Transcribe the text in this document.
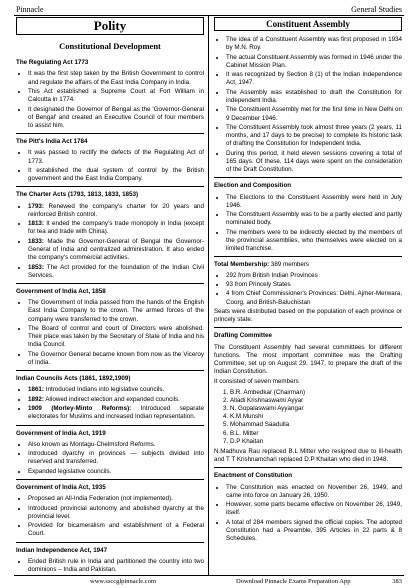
Pinnacle	General Studies
Polity
Constitutional Development
The Regulating Act 1773
• It was the first step taken by the British Government to control and regulate the affairs of the East India Company in India.
• This Act established a Supreme Court at Fort William in Calcutta in 1774.
• It designated the Governor of Bengal as the 'Governor-General of Bengal' and created an Executive Council of four members to assist him.
The Pitt's India Act 1784
• It was passed to rectify the defects of the Regulating Act of 1773.
• It established the dual system of control by the British government and the East India Company.
The Charter Acts (1793, 1813, 1833, 1853)
• 1793: Renewed the company's charter for 20 years and reinforced British control.
• 1813: It ended the company's trade monopoly in India (except for tea and trade with China).
• 1833: Made the Governor-General of Bengal the Governor-General of India and centralized administration. It also ended the company's commercial activities.
• 1853: The Act provided for the foundation of the Indian Civil Services.
Government of India Act, 1858
• The Government of India passed from the hands of the English East India Company to the crown. The armed forces of the company were transferred to the crown.
• The Board of control and court of Directors were abolished. Their place was taken by the Secretary of State of India and his India Council.
• The Governor General became known from now as the Viceroy of India.
Indian Councils Acts (1861, 1892,1909)
• 1861: Introduced Indians into legislative councils.
• 1892: Allowed indirect election and expanded councils.
• 1909 (Morley-Minto Reforms): Introduced separate electorates for Muslims and increased Indian representation.
Government of India Act, 1919
• Also known as Montagu-Chelmsford Reforms.
• Introduced dyarchy in provinces — subjects divided into reserved and transferred.
• Expanded legislative councils.
Government of India Act, 1935
• Proposed an All-India Federation (not implemented).
• Introduced provincial autonomy and abolished dyarchy at the provincial level.
• Provided for bicameralism and establishment of a Federal Court.
Indian Independence Act, 1947
• Ended British rule in India and partitioned the country into two dominions – India and Pakistan.
Constituent Assembly
• The idea of a Constituent Assembly was first proposed in 1934 by M.N. Roy.
• The actual Constituent Assembly was formed in 1946 under the Cabinet Mission Plan.
• It was recognized by Section 8 (1) of the Indian Independence Act, 1947.
• The Assembly was established to draft the Constitution for independent India.
• The Constituent Assembly met for the first time in New Delhi on 9 December 1946.
• The Constituent Assembly took almost three years (2 years, 11 months, and 17 days to be precise) to complete its historic task of drafting the Constitution for Independent India.
• During this period, it held eleven sessions covering a total of 165 days. Of these, 114 days were spent on the consideration of the Draft Constitution.
Election and Composition
• The Elections to the Constituent Assembly were held in July 1946.
• The Constituent Assembly was to be a partly elected and partly nominated body.
• The members were to be indirectly elected by the members of the provincial assemblies, who themselves were elected on a limited franchise.

Total Membership: 389 members

• 292 from British Indian Provinces
• 93 from Princely States
• 4 from Chief Commissioner's Provinces: Delhi, Ajmer-Merwara, Coorg, and British-Baluchistan

Seats were distributed based on the population of each province or princely state.

Drafting Committee

The Constituent Assembly had several committees for different functions. The most important committee was the Drafting Committee, set up on August 29, 1947, to prepare the draft of the Indian Constitution.

It consisted of seven members

1. B.R. Ambedkar (Chairman)
2. Alladi Krishnaswami Ayyar
3. N. Gopalaswami Ayyangar
4. K.M.Munshi
5. Mohammad Saadulla
6. B.L. Mitter
7. D.P Khaitan

N.Madhuva Rau replaced B.L Mitter who resigned due to ill-health and T T Krishnamchari replaced D.P Khaitan who died in 1948.

Enactment of Constitution
• The Constitution was enacted on November 26, 1949, and came into force on January 26, 1950.
• However, some parts became effective on November 26, 1949, itself.
• A total of 284 members signed the official copies. The adopted Constitution had a Preamble, 395 Articles in 22 parts & 8 Schedules.
www.ssccglpinnacle.com	Download Pinnacle Exams Preparation App	383
